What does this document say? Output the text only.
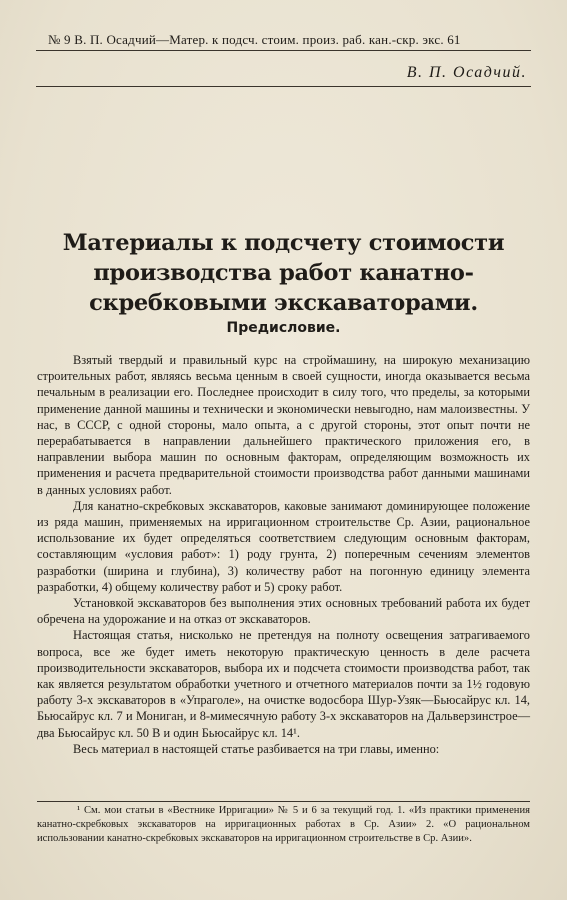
№ 9 В. П. Осадчий—Матер. к подсч. стоим. произ. раб. кан.-скр. экс. 61
В. П. Осадчий.
Материалы к подсчету стоимости производства работ канатно-скребковыми экскаваторами.
Предисловие.

Взятый твердый и правильный курс на строймашину, на широкую механизацию строительных работ, являясь весьма ценным в своей сущности, иногда оказывается весьма печальным в реализации его. Последнее происходит в силу того, что пределы, за которыми применение данной машины и технически и экономически невыгодно, нам малоизвестны. У нас, в СССР, с одной стороны, мало опыта, а с другой стороны, этот опыт почти не перерабатывается в направлении дальнейшего практического приложения его, в направлении выбора машин по основным факторам, определяющим возможность их применения и расчета предварительной стоимости производства работ данными машинами в данных условиях работ.

Для канатно-скребковых экскаваторов, каковые занимают доминирующее положение из ряда машин, применяемых на ирригационном строительстве Ср. Азии, рациональное использование их будет определяться соответствием следующим основным факторам, составляющим «условия работ»: 1) роду грунта, 2) поперечным сечениям элементов разработки (ширина и глубина), 3) количеству работ на погонную единицу элемента разработки, 4) общему количеству работ и 5) сроку работ.

Установкой экскаваторов без выполнения этих основных требований работа их будет обречена на удорожание и на отказ от экскаваторов.

Настоящая статья, нисколько не претендуя на полноту освещения затрагиваемого вопроса, все же будет иметь некоторую практическую ценность в деле расчета производительности экскаваторов, выбора их и подсчета стоимости производства работ, так как является результатом обработки учетного и отчетного материалов почти за 1½ годовую работу 3-х экскаваторов в «Упраголе», на очистке водосбора Шур-Узяк—Бьюсайрус кл. 14, Бьюсайрус кл. 7 и Мониган, и 8-мимесячную работу 3-х экскаваторов на Дальверзинстрое—два Бьюсайрус кл. 50 В и один Бьюсайрус кл. 14¹.

Весь материал в настоящей статье разбивается на три главы, именно:

¹ См. мои статьи в «Вестнике Ирригации» № 5 и 6 за текущий год. 1. «Из практики применения канатно-скребковых экскаваторов на ирригационных работах в Ср. Азии» 2. «О рациональном использовании канатно-скребковых экскаваторов на ирригационном строительстве в Ср. Азии».
